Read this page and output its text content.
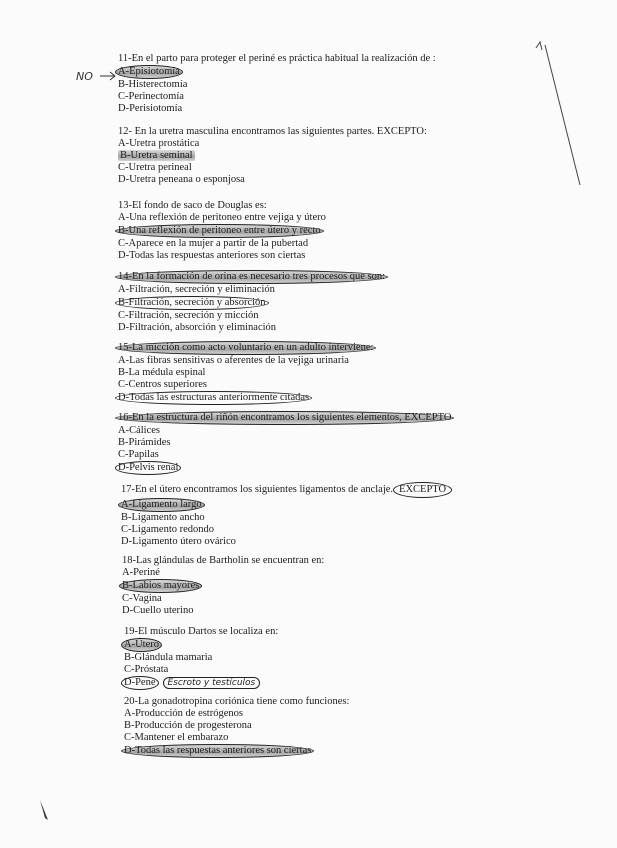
NO
11-En el parto para proteger el periné es práctica habitual la realización de :
A-Episiotomía
B-Histerectomía
C-Perinectomía
D-Perisiotomía
12- En la uretra masculina encontramos las siguientes partes. EXCEPTO:
A-Uretra prostática
B-Uretra seminal
C-Uretra perineal
D-Uretra peneana o esponjosa
13-El fondo de saco de Douglas es:
A-Una reflexión de peritoneo entre vejiga y útero
B-Una reflexión de peritoneo entre útero y recto
C-Aparece en la mujer a partir de la pubertad
D-Todas las respuestas anteriores son ciertas
14-En la formación de orina es necesario tres procesos que son:
A-Filtración, secreción y eliminación
B-Filtración, secreción y absorción
C-Filtración, secreción y micción
D-Filtración, absorción y eliminación
15-La micción como acto voluntario en un adulto interviene:
A-Las fibras sensitivas o aferentes de la vejiga urinaria
B-La médula espinal
C-Centros superiores
D-Todas las estructuras anteriormente citadas
16-En la estructura del riñón encontramos los siguientes elementos, EXCEPTO
A-Cálices
B-Pirámides
C-Papilas
D-Pelvis renal
17-En el útero encontramos los siguientes ligamentos de anclaje. EXCEPTO
A-Ligamento largo
B-Ligamento ancho
C-Ligamento redondo
D-Ligamento útero ovárico
18-Las glándulas de Bartholin se encuentran en:
A-Periné
B-Labios mayores
C-Vagina
D-Cuello uterino
19-El músculo Dartos se localiza en:
A-Útero
B-Glándula mamaria
C-Próstata
D-Pene Escroto y testículos
20-La gonadotropina coriónica tiene como funciones:
A-Producción de estrógenos
B-Producción de progesterona
C-Mantener el embarazo
D-Todas las respuestas anteriores son ciertas
